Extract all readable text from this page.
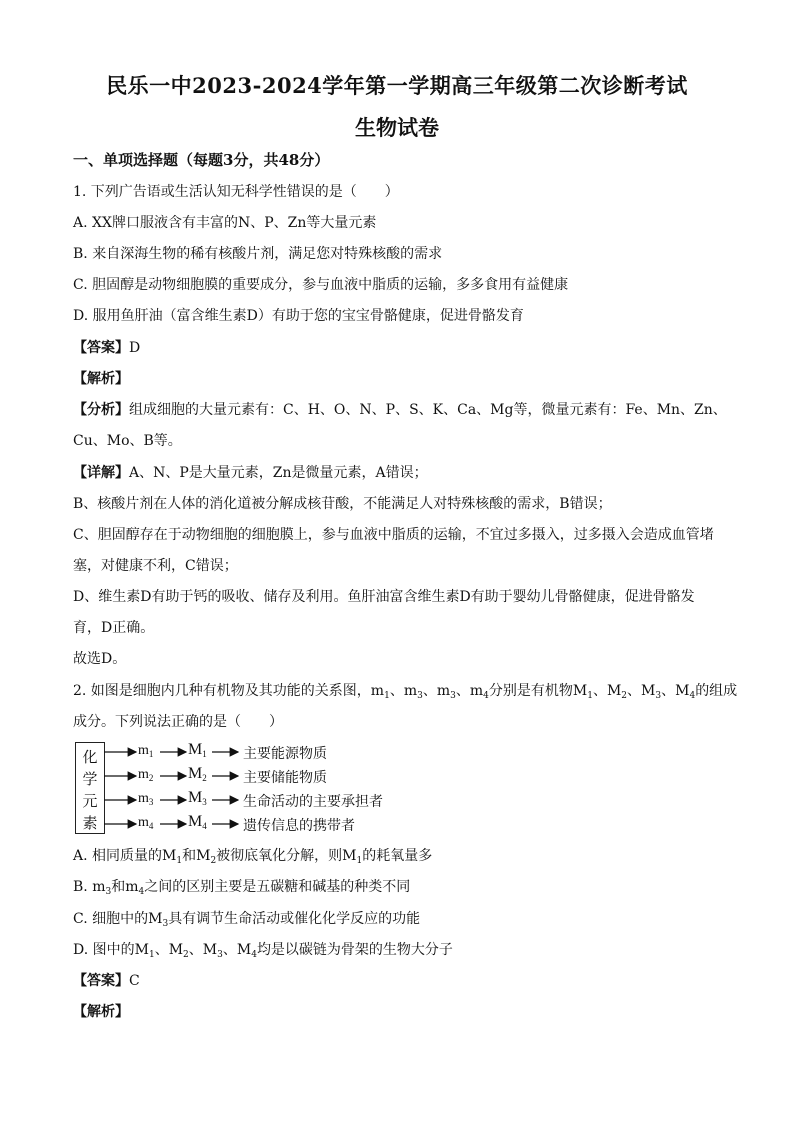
民乐一中2023-2024学年第一学期高三年级第二次诊断考试
生物试卷
一、单项选择题（每题3分，共48分）
1. 下列广告语或生活认知无科学性错误的是（　　）
A. XX牌口服液含有丰富的N、P、Zn等大量元素
B. 来自深海生物的稀有核酸片剂，满足您对特殊核酸的需求
C. 胆固醇是动物细胞膜的重要成分，参与血液中脂质的运输，多多食用有益健康
D. 服用鱼肝油（富含维生素D）有助于您的宝宝骨骼健康，促进骨骼发育
【答案】D
【解析】
【分析】组成细胞的大量元素有：C、H、O、N、P、S、K、Ca、Mg等，微量元素有：Fe、Mn、Zn、
Cu、Mo、B等。
【详解】A、N、P是大量元素，Zn是微量元素，A错误；
B、核酸片剂在人体的消化道被分解成核苷酸，不能满足人对特殊核酸的需求，B错误；
C、胆固醇存在于动物细胞的细胞膜上，参与血液中脂质的运输，不宜过多摄入，过多摄入会造成血管堵
塞，对健康不利，C错误；
D、维生素D有助于钙的吸收、储存及利用。鱼肝油富含维生素D有助于婴幼儿骨骼健康，促进骨骼发
育，D正确。
故选D。
2. 如图是细胞内几种有机物及其功能的关系图，$m_1$、$m_3$、$m_3$、$m_4$分别是有机物$M_1$、$M_2$、$M_3$、$M_4$的组成
成分。下列说法正确的是（　　）
化
学
元
素
$m_1$ $M_1$	主要能源物质
$m_2$ $M_2$	主要储能物质
$m_3$ $M_3$	生命活动的主要承担者
$m_4$ $M_4$	遗传信息的携带者
A. 相同质量的$M_1$和$M_2$被彻底氧化分解，则$M_1$的耗氧量多
B. $m_3$和$m_4$之间的区别主要是五碳糖和碱基的种类不同
C. 细胞中的$M_3$具有调节生命活动或催化化学反应的功能
D. 图中的$M_1$、$M_2$、$M_3$、$M_4$均是以碳链为骨架的生物大分子
【答案】C
【解析】
